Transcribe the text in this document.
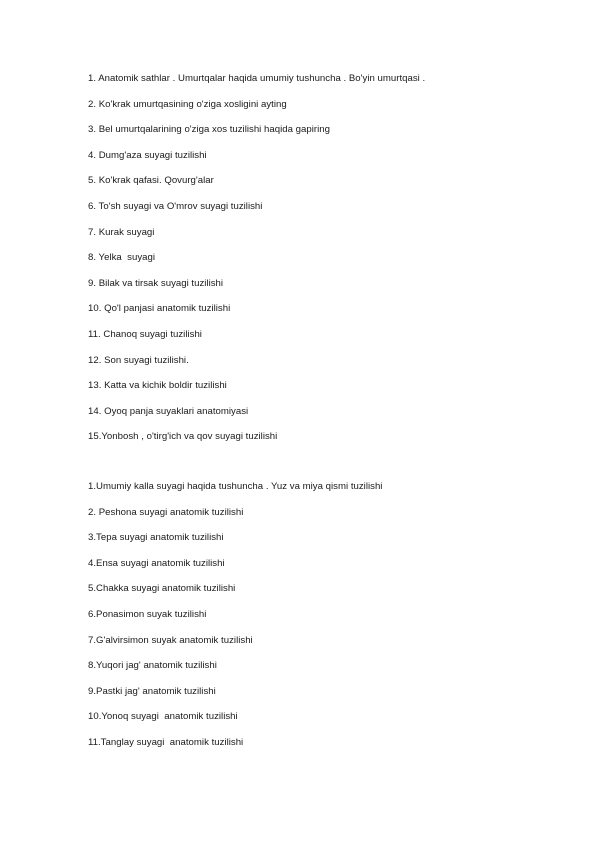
1. Anatomik sathlar . Umurtqalar haqida umumiy tushuncha . Bo'yin umurtqasi .
2. Ko'krak umurtqasining o'ziga xosligini ayting
3. Bel umurtqalarining o'ziga xos tuzilishi haqida gapiring
4. Dumg'aza suyagi tuzilishi
5. Ko'krak qafasi. Qovurg'alar
6. To'sh suyagi va O'mrov suyagi tuzilishi
7. Kurak suyagi
8. Yelka  suyagi
9. Bilak va tirsak suyagi tuzilishi
10. Qo'l panjasi anatomik tuzilishi
11. Chanoq suyagi tuzilishi
12. Son suyagi tuzilishi.
13. Katta va kichik boldir tuzilishi
14. Oyoq panja suyaklari anatomiyasi
15.Yonbosh , o'tirg'ich va qov suyagi tuzilishi
1.Umumiy kalla suyagi haqida tushuncha . Yuz va miya qismi tuzilishi
2. Peshona suyagi anatomik tuzilishi
3.Tepa suyagi anatomik tuzilishi
4.Ensa suyagi anatomik tuzilishi
5.Chakka suyagi anatomik tuzilishi
6.Ponasimon suyak tuzilishi
7.G'alvirsimon suyak anatomik tuzilishi
8.Yuqori jag' anatomik tuzilishi
9.Pastki jag' anatomik tuzilishi
10.Yonoq suyagi  anatomik tuzilishi
11.Tanglay suyagi  anatomik tuzilishi
